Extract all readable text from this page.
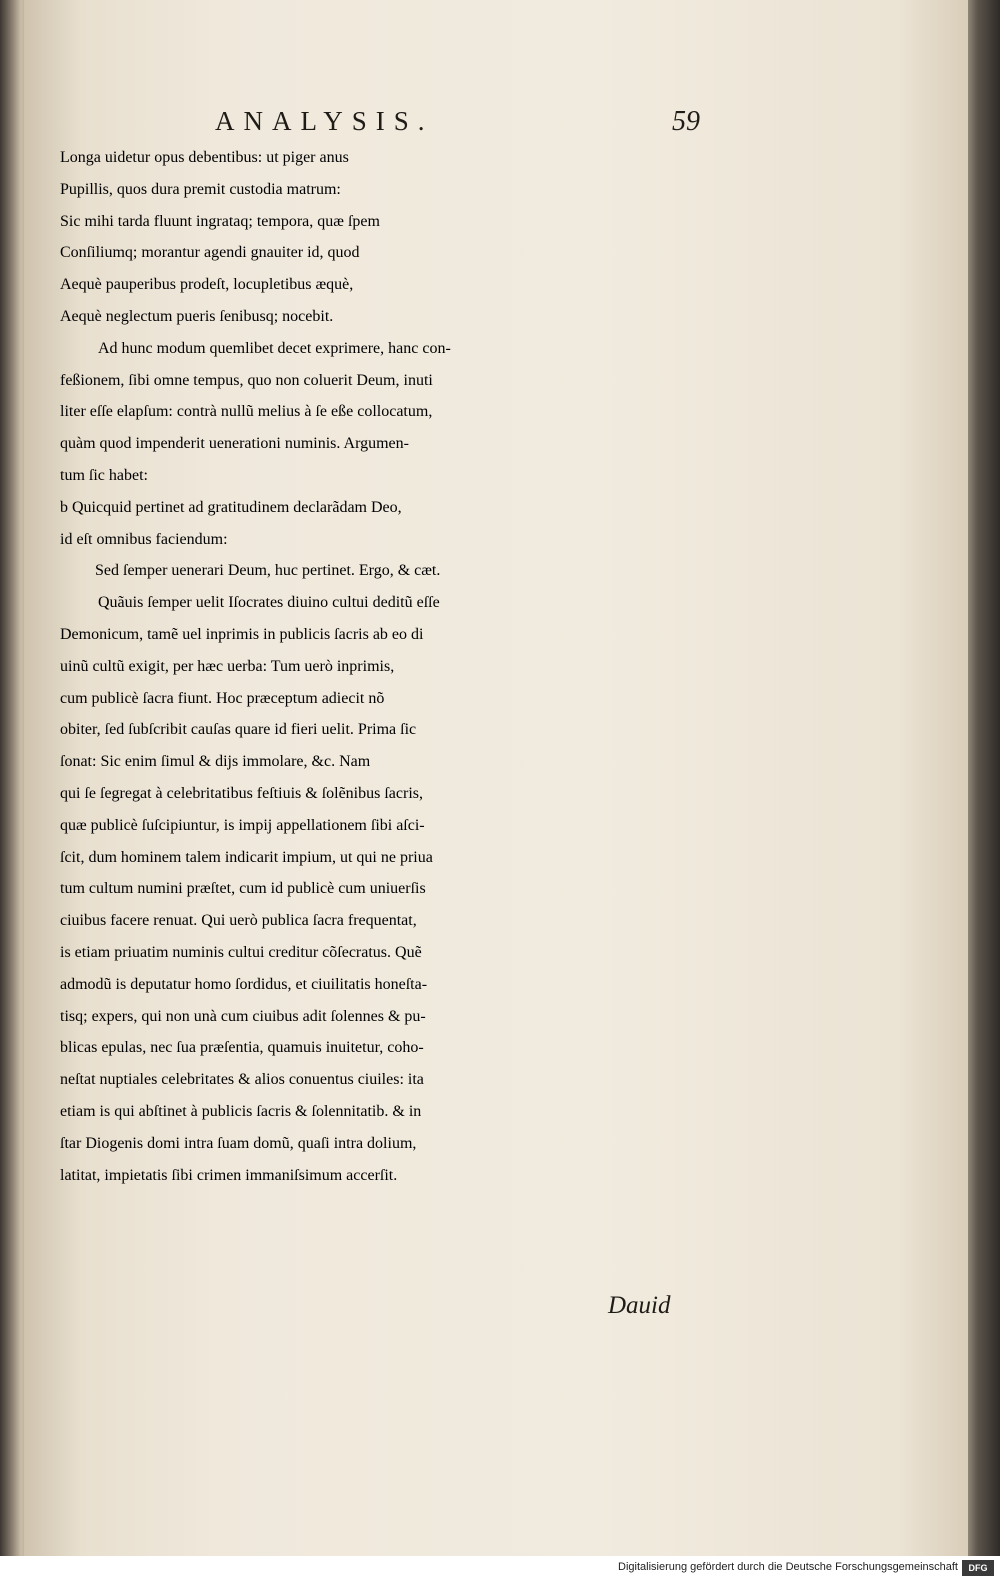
ANALYSIS.	59
Longa uidetur opus debentibus: ut piger anus
Pupillis, quos dura premit custodia matrum:
Sic mihi tarda fluunt ingrataq; tempora, quæ ſpem
Conſiliumq; morantur agendi gnauiter id, quod
Aequè pauperibus prodeſt, locupletibus æquè,
Aequè neglectum pueris ſenibusq; nocebit.
Ad hunc modum quemlibet decet exprimere, hanc con-
feßionem, ſibi omne tempus, quo non coluerit Deum, inuti
liter eſſe elapſum: contrà nullũ melius à ſe eße collocatum,
quàm quod impenderit uenerationi numinis. Argumen-
tum ſic habet:
b Quicquid pertinet ad gratitudinem declarãdam Deo,
id eſt omnibus faciendum:
Sed ſemper uenerari Deum, huc pertinet. Ergo, & cæt.
Quãuis ſemper uelit Iſocrates diuino cultui deditũ eſſe
Demonicum, tamẽ uel inprimis in publicis ſacris ab eo di
uinũ cultũ exigit, per hæc uerba: Tum uerò inprimis,
cum publicè ſacra fiunt. Hoc præceptum adiecit nõ
obiter, ſed ſubſcribit cauſas quare id fieri uelit. Prima ſic
ſonat: Sic enim ſimul & dijs immolare, &c. Nam
qui ſe ſegregat à celebritatibus feſtiuis & ſolẽnibus ſacris,
quæ publicè ſuſcipiuntur, is impij appellationem ſibi aſci-
ſcit, dum hominem talem indicarit impium, ut qui ne priua
tum cultum numini præſtet, cum id publicè cum uniuerſis
ciuibus facere renuat. Qui uerò publica ſacra frequentat,
is etiam priuatim numinis cultui creditur cõſecratus. Quẽ
admodũ is deputatur homo ſordidus, et ciuilitatis honeſta-
tisq; expers, qui non unà cum ciuibus adit ſolennes & pu-
blicas epulas, nec ſua præſentia, quamuis inuitetur, coho-
neſtat nuptiales celebritates & alios conuentus ciuiles: ita
etiam is qui abſtinet à publicis ſacris & ſolennitatib. & in
ſtar Diogenis domi intra ſuam domũ, quaſi intra dolium,
latitat, impietatis ſibi crimen immaniſsimum accerſit.
Dauid
Digitalisierung gefördert durch die Deutsche Forschungsgemeinschaft	DFG
